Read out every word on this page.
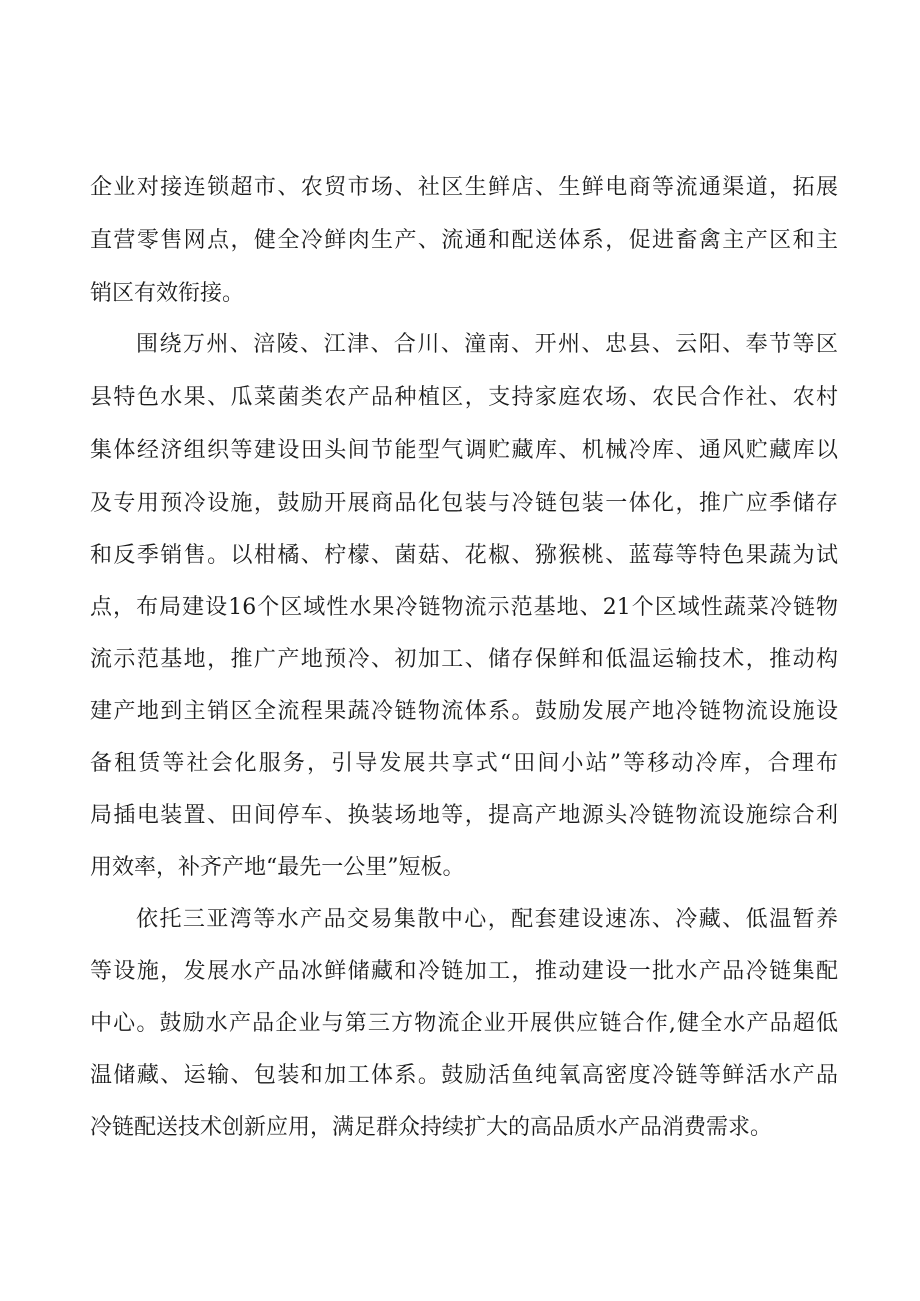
企业对接连锁超市、农贸市场、社区生鲜店、生鲜电商等流通渠道，拓展

直营零售网点，健全冷鲜肉生产、流通和配送体系，促进畜禽主产区和主

销区有效衔接。

围绕万州、涪陵、江津、合川、潼南、开州、忠县、云阳、奉节等区

县特色水果、瓜菜菌类农产品种植区，支持家庭农场、农民合作社、农村

集体经济组织等建设田头间节能型气调贮藏库、机械冷库、通风贮藏库以

及专用预冷设施，鼓励开展商品化包装与冷链包装一体化，推广应季储存

和反季销售。以柑橘、柠檬、菌菇、花椒、猕猴桃、蓝莓等特色果蔬为试

点，布局建设16个区域性水果冷链物流示范基地、21个区域性蔬菜冷链物

流示范基地，推广产地预冷、初加工、储存保鲜和低温运输技术，推动构

建产地到主销区全流程果蔬冷链物流体系。鼓励发展产地冷链物流设施设

备租赁等社会化服务，引导发展共享式“田间小站”等移动冷库，合理布

局插电装置、田间停车、换装场地等，提高产地源头冷链物流设施综合利

用效率，补齐产地“最先一公里”短板。

依托三亚湾等水产品交易集散中心，配套建设速冻、冷藏、低温暂养

等设施，发展水产品冰鲜储藏和冷链加工，推动建设一批水产品冷链集配

中心。鼓励水产品企业与第三方物流企业开展供应链合作,健全水产品超低

温储藏、运输、包装和加工体系。鼓励活鱼纯氧高密度冷链等鲜活水产品

冷链配送技术创新应用，满足群众持续扩大的高品质水产品消费需求。
